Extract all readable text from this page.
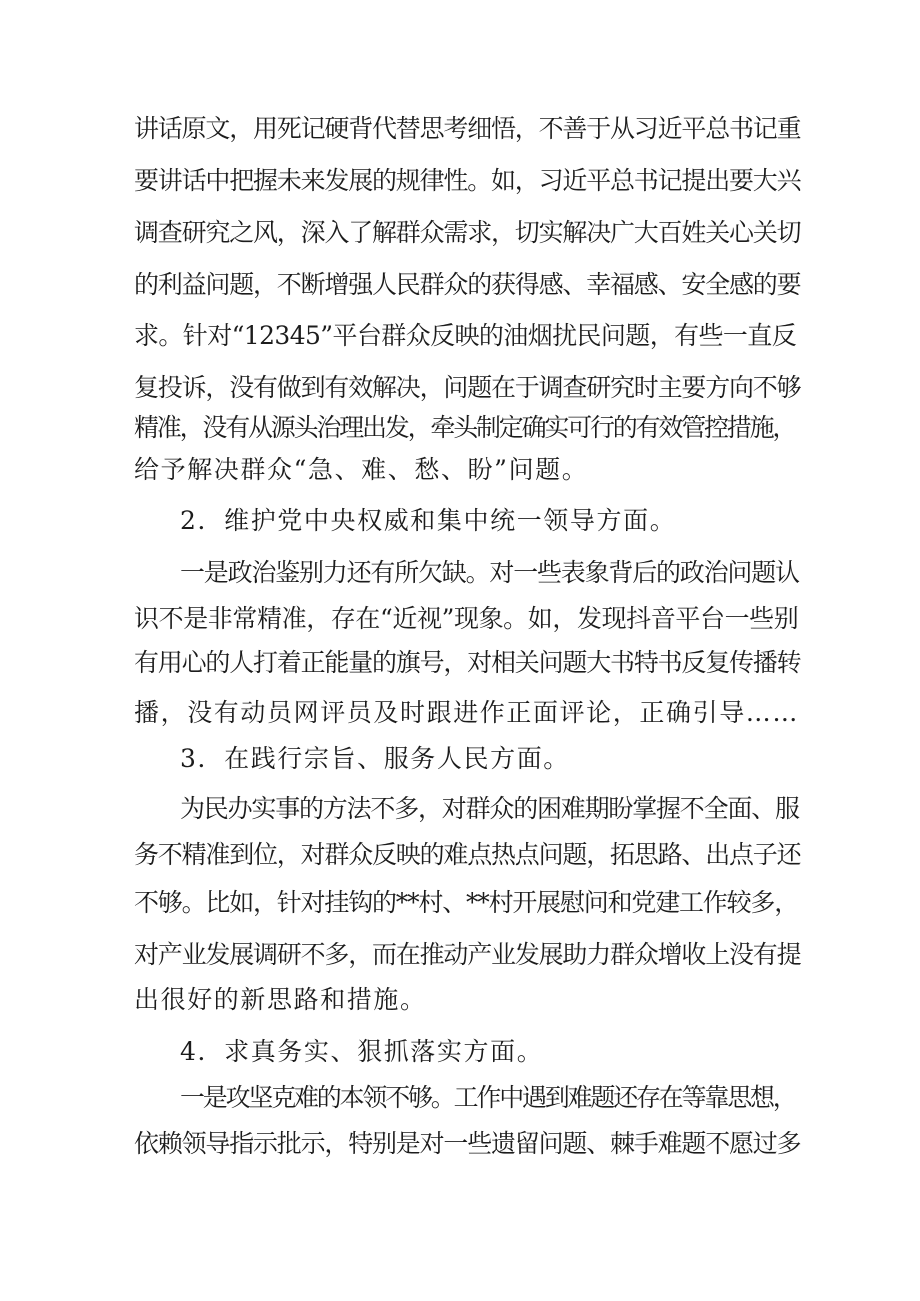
讲话原文，用死记硬背代替思考细悟，不善于从习近平总书记重
要讲话中把握未来发展的规律性。如，习近平总书记提出要大兴
调查研究之风，深入了解群众需求，切实解决广大百姓关心关切
的利益问题，不断增强人民群众的获得感、幸福感、安全感的要
求。针对“12345”平台群众反映的油烟扰民问题，有些一直反
复投诉，没有做到有效解决，问题在于调查研究时主要方向不够
精准，没有从源头治理出发，牵头制定确实可行的有效管控措施，
给予解决群众“急、难、愁、盼”问题。
2．维护党中央权威和集中统一领导方面。
一是政治鉴别力还有所欠缺。对一些表象背后的政治问题认
识不是非常精准，存在“近视”现象。如，发现抖音平台一些别
有用心的人打着正能量的旗号，对相关问题大书特书反复传播转
播，没有动员网评员及时跟进作正面评论，正确引导……
3．在践行宗旨、服务人民方面。
为民办实事的方法不多，对群众的困难期盼掌握不全面、服
务不精准到位，对群众反映的难点热点问题，拓思路、出点子还
不够。比如，针对挂钩的**村、**村开展慰问和党建工作较多，
对产业发展调研不多，而在推动产业发展助力群众增收上没有提
出很好的新思路和措施。
4．求真务实、狠抓落实方面。
一是攻坚克难的本领不够。工作中遇到难题还存在等靠思想，
依赖领导指示批示，特别是对一些遗留问题、棘手难题不愿过多
